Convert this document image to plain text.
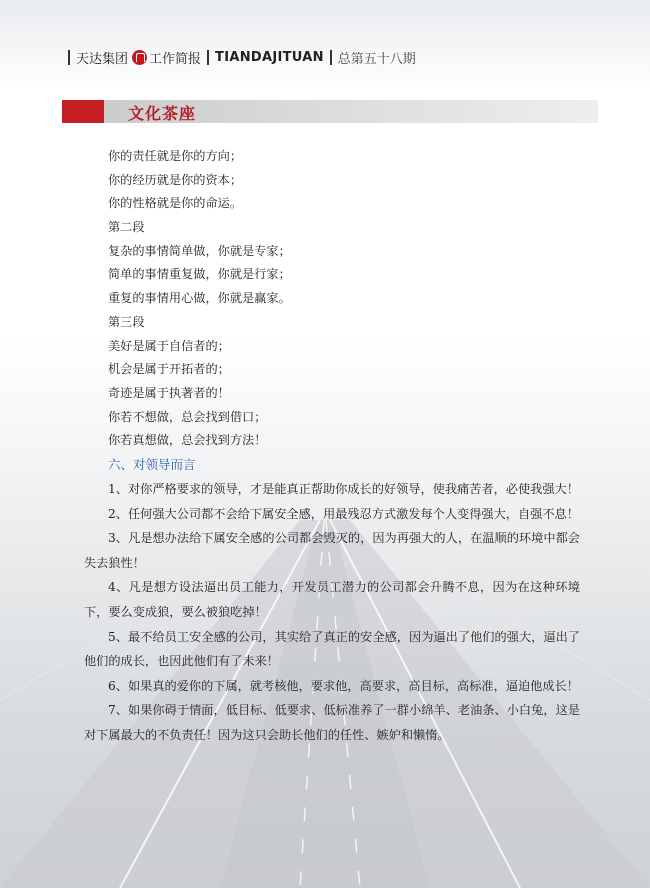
天达集团 工作简报 TIANDAJITUAN 总第五十八期
文化茶座
你的责任就是你的方向；
你的经历就是你的资本；
你的性格就是你的命运。
第二段
复杂的事情简单做，你就是专家；
简单的事情重复做，你就是行家；
重复的事情用心做，你就是赢家。
第三段
美好是属于自信者的；
机会是属于开拓者的；
奇迹是属于执著者的！
你若不想做，总会找到借口；
你若真想做，总会找到方法！
六、对领导而言

1、对你严格要求的领导，才是能真正帮助你成长的好领导，使我痛苦者，必使我强大！

2、任何强大公司都不会给下属安全感，用最残忍方式激发每个人变得强大，自强不息！

3、凡是想办法给下属安全感的公司都会毁灭的，因为再强大的人，在温顺的环境中都会失去狼性！

4、凡是想方设法逼出员工能力，开发员工潜力的公司都会升腾不息，因为在这种环境下，要么变成狼，要么被狼吃掉！

5、最不给员工安全感的公司，其实给了真正的安全感，因为逼出了他们的强大，逼出了他们的成长，也因此他们有了未来！

6、如果真的爱你的下属，就考核他，要求他，高要求，高目标，高标准，逼迫他成长！

7、如果你碍于情面，低目标、低要求、低标准养了一群小绵羊、老油条、小白兔，这是对下属最大的不负责任！因为这只会助长他们的任性、嫉妒和懒惰。
